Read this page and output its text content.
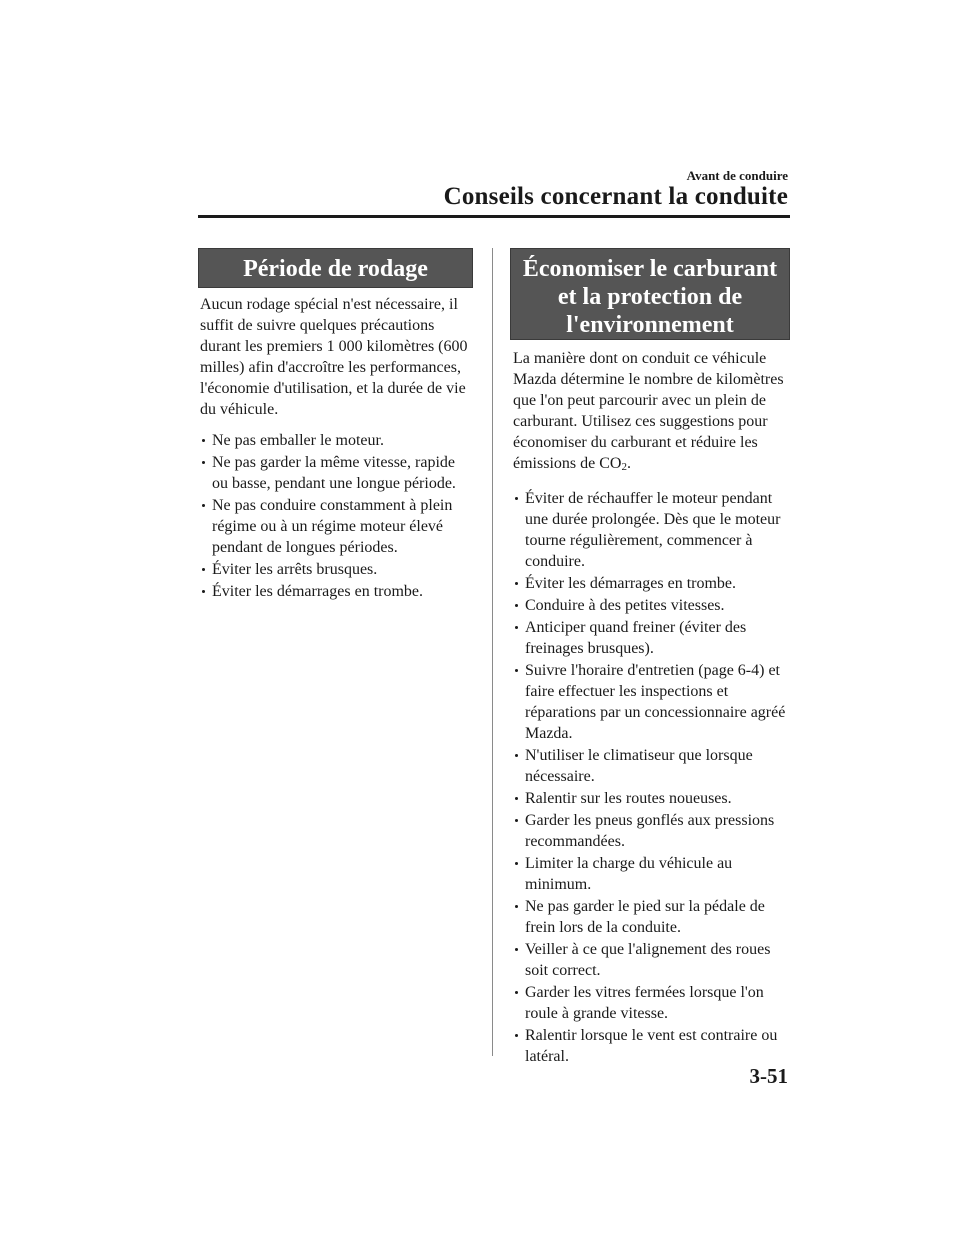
Avant de conduire
Conseils concernant la conduite
Période de rodage	Économiser le carburant
et la protection de
l'environnement

Aucun rodage spécial n'est nécessaire, il suffit de suivre quelques précautions durant les premiers 1 000 kilomètres (600 milles) afin d'accroître les performances, l'économie d'utilisation, et la durée de vie du véhicule.

Ne pas emballer le moteur.
Ne pas garder la même vitesse, rapide ou basse, pendant une longue période.
Ne pas conduire constamment à plein régime ou à un régime moteur élevé pendant de longues périodes.
Éviter les arrêts brusques.
Éviter les démarrages en trombe.

La manière dont on conduit ce véhicule Mazda détermine le nombre de kilomètres que l'on peut parcourir avec un plein de carburant. Utilisez ces suggestions pour économiser du carburant et réduire les émissions de $CO_2$.

Éviter de réchauffer le moteur pendant une durée prolongée. Dès que le moteur tourne régulièrement, commencer à conduire.
Éviter les démarrages en trombe.
Conduire à des petites vitesses.
Anticiper quand freiner (éviter des freinages brusques).
Suivre l'horaire d'entretien (page 6-4) et faire effectuer les inspections et réparations par un concessionnaire agréé Mazda.
N'utiliser le climatiseur que lorsque nécessaire.
Ralentir sur les routes noueuses.
Garder les pneus gonflés aux pressions recommandées.
Limiter la charge du véhicule au minimum.
Ne pas garder le pied sur la pédale de frein lors de la conduite.
Veiller à ce que l'alignement des roues soit correct.
Garder les vitres fermées lorsque l'on roule à grande vitesse.
Ralentir lorsque le vent est contraire ou latéral.
3-51
